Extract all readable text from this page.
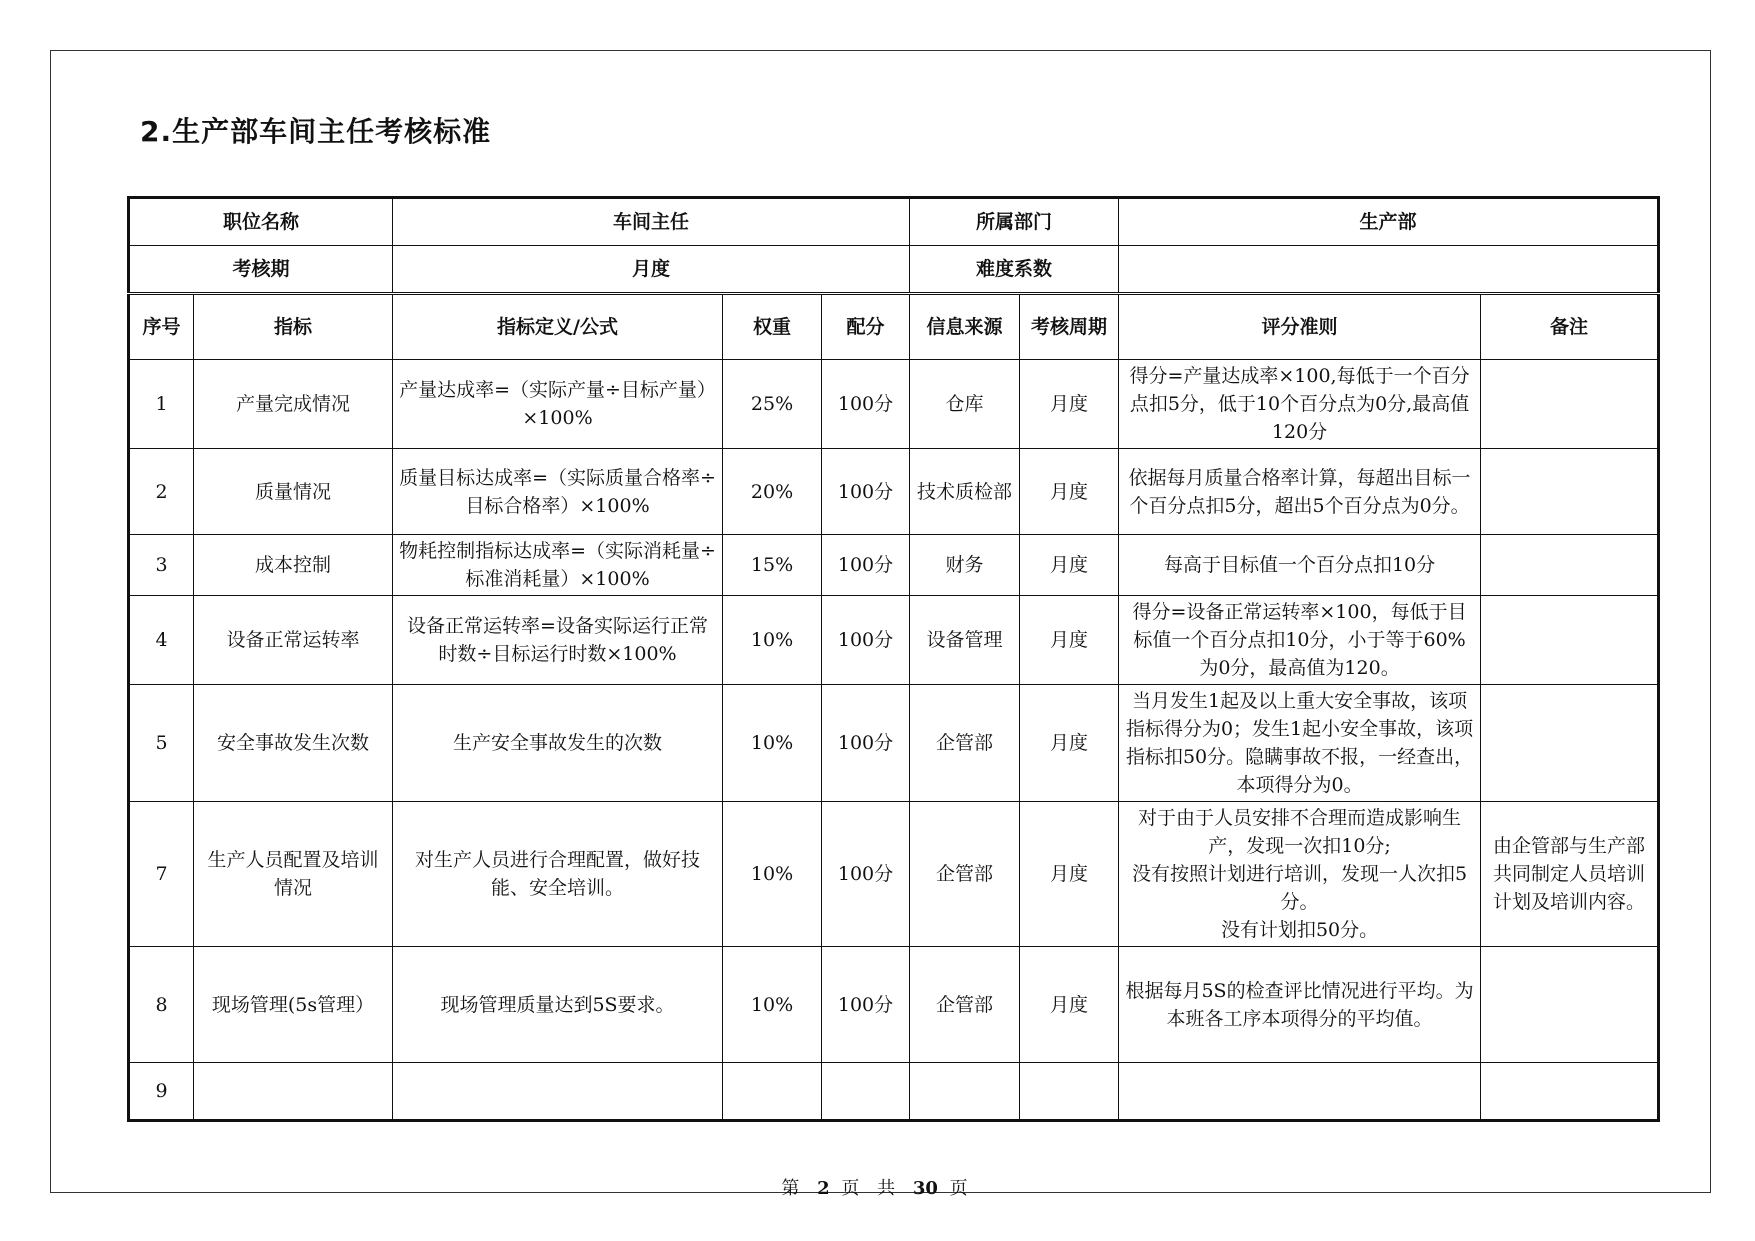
2.生产部车间主任考核标准
职位名称		车间主任			所属部门		生产部	
考核期		月度			难度系数			
序号	指标	指标定义/公式	权重	配分	信息来源	考核周期	评分准则	备注
1	产量完成情况	产量达成率=（实际产量÷目标产量）×100%	25%	100分	仓库	月度	得分=产量达成率×100,每低于一个百分点扣5分，低于10个百分点为0分,最高值120分	
2	质量情况	质量目标达成率=（实际质量合格率÷目标合格率）×100%	20%	100分	技术质检部	月度	依据每月质量合格率计算，每超出目标一个百分点扣5分，超出5个百分点为0分。	
3	成本控制	物耗控制指标达成率=（实际消耗量÷标准消耗量）×100%	15%	100分	财务	月度	每高于目标值一个百分点扣10分	
4	设备正常运转率	设备正常运转率=设备实际运行正常时数÷目标运行时数×100%	10%	100分	设备管理	月度	得分=设备正常运转率×100，每低于目标值一个百分点扣10分，小于等于60%为0分，最高值为120。	
5	安全事故发生次数	生产安全事故发生的次数	10%	100分	企管部	月度	当月发生1起及以上重大安全事故，该项指标得分为0；发生1起小安全事故，该项指标扣50分。隐瞒事故不报，一经查出，本项得分为0。	
7	生产人员配置及培训情况	对生产人员进行合理配置，做好技能、安全培训。	10%	100分	企管部	月度	对于由于人员安排不合理而造成影响生产，发现一次扣10分;
没有按照计划进行培训，发现一人次扣5分。
没有计划扣50分。	由企管部与生产部共同制定人员培训计划及培训内容。
8	现场管理(5s管理）	现场管理质量达到5S要求。	10%	100分	企管部	月度	根据每月5S的检查评比情况进行平均。为本班各工序本项得分的平均值。	
9								
第 2 页 共 30 页
